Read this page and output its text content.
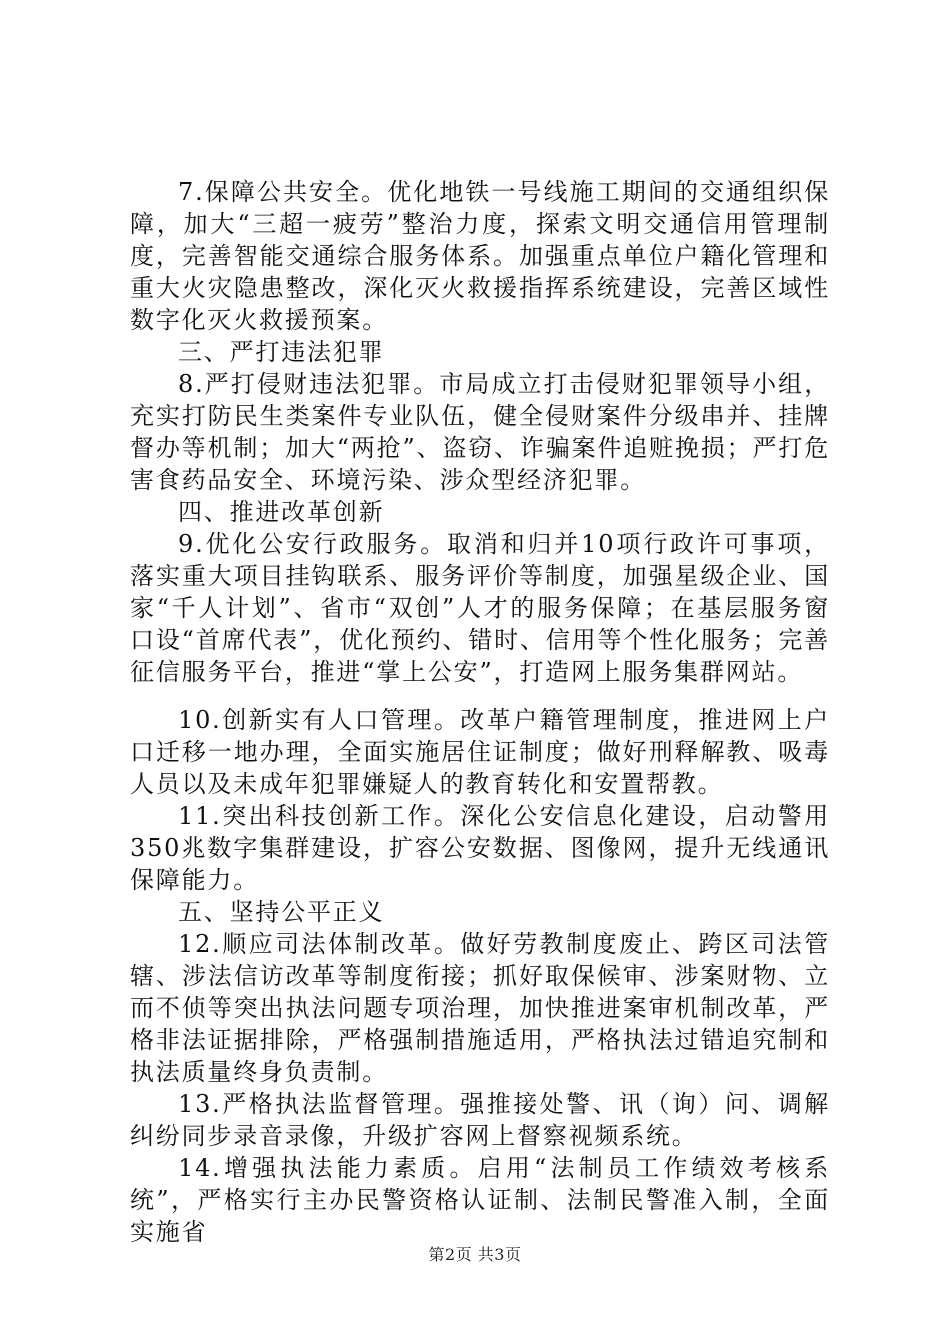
7.保障公共安全。优化地铁一号线施工期间的交通组织保障，加大“三超一疲劳”整治力度，探索文明交通信用管理制度，完善智能交通综合服务体系。加强重点单位户籍化管理和重大火灾隐患整改，深化灭火救援指挥系统建设，完善区域性数字化灭火救援预案。

三、严打违法犯罪

8.严打侵财违法犯罪。市局成立打击侵财犯罪领导小组，充实打防民生类案件专业队伍，健全侵财案件分级串并、挂牌督办等机制；加大“两抢”、盗窃、诈骗案件追赃挽损；严打危害食药品安全、环境污染、涉众型经济犯罪。

四、推进改革创新

9.优化公安行政服务。取消和归并10项行政许可事项，落实重大项目挂钩联系、服务评价等制度，加强星级企业、国家“千人计划”、省市“双创”人才的服务保障；在基层服务窗口设“首席代表”，优化预约、错时、信用等个性化服务；完善征信服务平台，推进“掌上公安”，打造网上服务集群网站。

10.创新实有人口管理。改革户籍管理制度，推进网上户口迁移一地办理，全面实施居住证制度；做好刑释解教、吸毒人员以及未成年犯罪嫌疑人的教育转化和安置帮教。

11.突出科技创新工作。深化公安信息化建设，启动警用350兆数字集群建设，扩容公安数据、图像网，提升无线通讯保障能力。

五、坚持公平正义

12.顺应司法体制改革。做好劳教制度废止、跨区司法管辖、涉法信访改革等制度衔接；抓好取保候审、涉案财物、立而不侦等突出执法问题专项治理，加快推进案审机制改革，严格非法证据排除，严格强制措施适用，严格执法过错追究制和执法质量终身负责制。

13.严格执法监督管理。强推接处警、讯（询）问、调解纠纷同步录音录像，升级扩容网上督察视频系统。

14.增强执法能力素质。启用“法制员工作绩效考核系统”，严格实行主办民警资格认证制、法制民警准入制，全面实施省

第2页 共3页
